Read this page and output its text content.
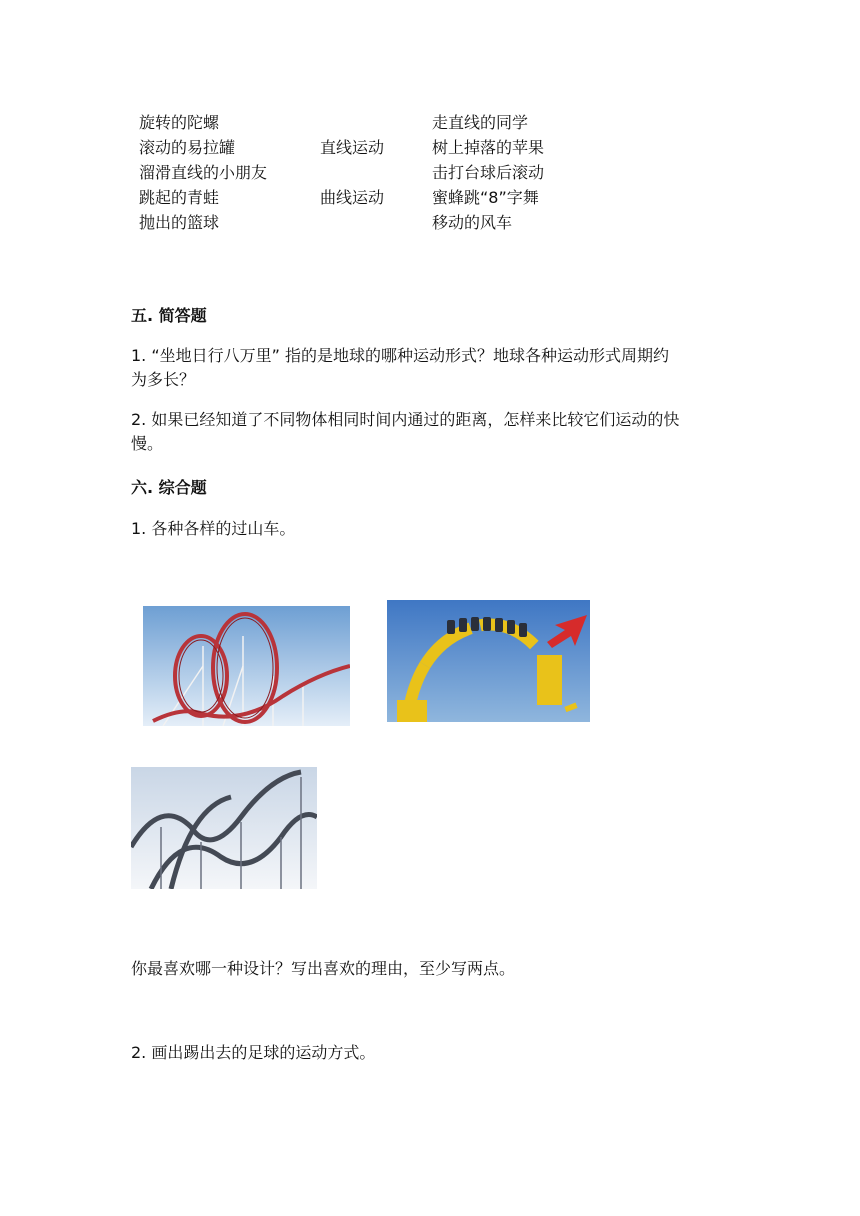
旋转的陀螺
滚动的易拉罐
溜滑直线的小朋友
跳起的青蛙
抛出的篮球
直线运动
曲线运动
走直线的同学
树上掉落的苹果
击打台球后滚动
蜜蜂跳“8”字舞
移动的风车
五. 简答题
1. “坐地日行八万里” 指的是地球的哪种运动形式？地球各种运动形式周期约
为多长？
2. 如果已经知道了不同物体相同时间内通过的距离，怎样来比较它们运动的快
慢。
六. 综合题
1. 各种各样的过山车。
你最喜欢哪一种设计？写出喜欢的理由，至少写两点。
2. 画出踢出去的足球的运动方式。
